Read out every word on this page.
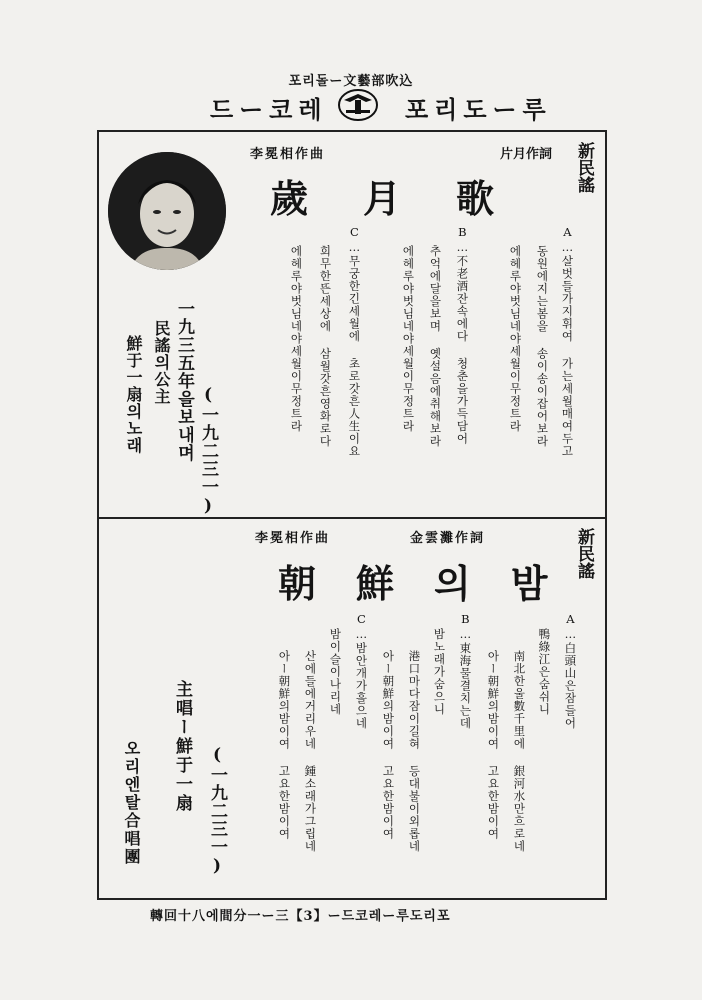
포리돌ー文藝部吹込
드ー코레	포리도ー루
新民謠
片月作詞
李冕相作曲
歲月歌
A…살벗들가지휘여 가는세월매여두고
동원에지는봄을 송이송이잡어보라
에헤루야벗님네야세월이무정트라
B…不老酒잔속에다 청춘을가득담어
추억에달을보며 옛설음에취해보라
에헤루야벗님네야세월이무정트라
C…무궁한긴세월에 초로갓흔人生이요
희무한뜬세상에 삼월갓흔영화로다
에헤루야벗님네야세월이무정트라
(一九二三一)
一九三五年을보내며
民謠의公主
鮮于一扇의노래
新民謠
金雲灘作詞
李冕相作曲
朝鮮의밤
A…白頭山은잠들어
鴨綠江은숨쉬니
南北한울數千里에 銀河水만흐로네
아ー朝鮮의밤이여 고요한밤이여
B…東海물결치는데
밤노래가숨으니
港口마다잠이길혀 등대불이외롭네
아ー朝鮮의밤이여 고요한밤이여
C…밤안개가흘으네
밤이슬이나리네
산에들에거리우네 鍾소래가그립네
아ー朝鮮의밤이여 고요한밤이여
(一九二三一)
主唱ー鮮于一扇
오리엔탈合唱團
轉回十八에間分一ー三【3】ー드코레ー루도리포
